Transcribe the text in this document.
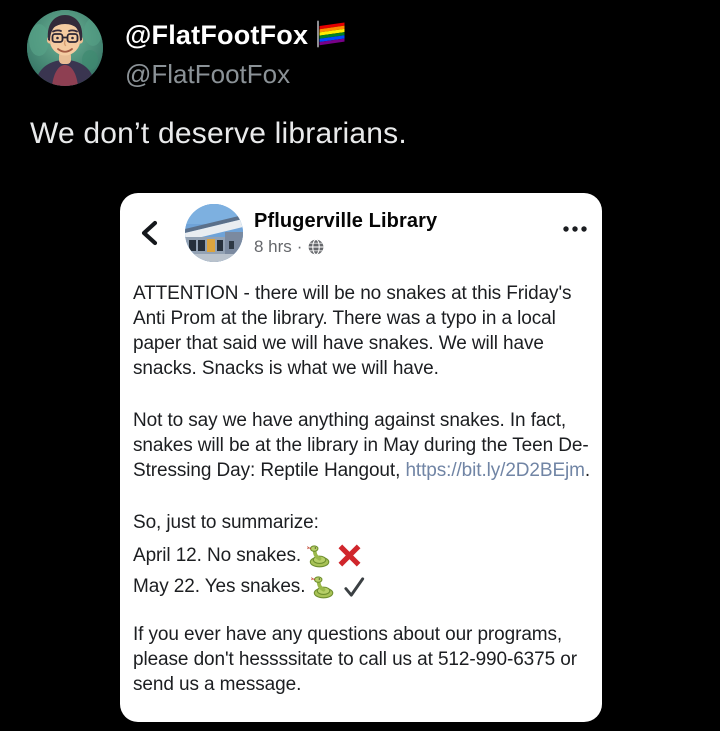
@FlatFootFox
@FlatFootFox
We don’t deserve librarians.
Pflugerville Library
8 hrs ·

ATTENTION - there will be no snakes at this Friday's Anti Prom at the library. There was a typo in a local paper that said we will have snakes. We will have snacks. Snacks is what we will have.

Not to say we have anything against snakes. In fact, snakes will be at the library in May during the Teen De-Stressing Day: Reptile Hangout, https://bit.ly/2D2BEjm.

So, just to summarize:

April 12. No snakes.
May 22. Yes snakes.

If you ever have any questions about our programs, please don't hessssitate to call us at 512-990-6375 or send us a message.
